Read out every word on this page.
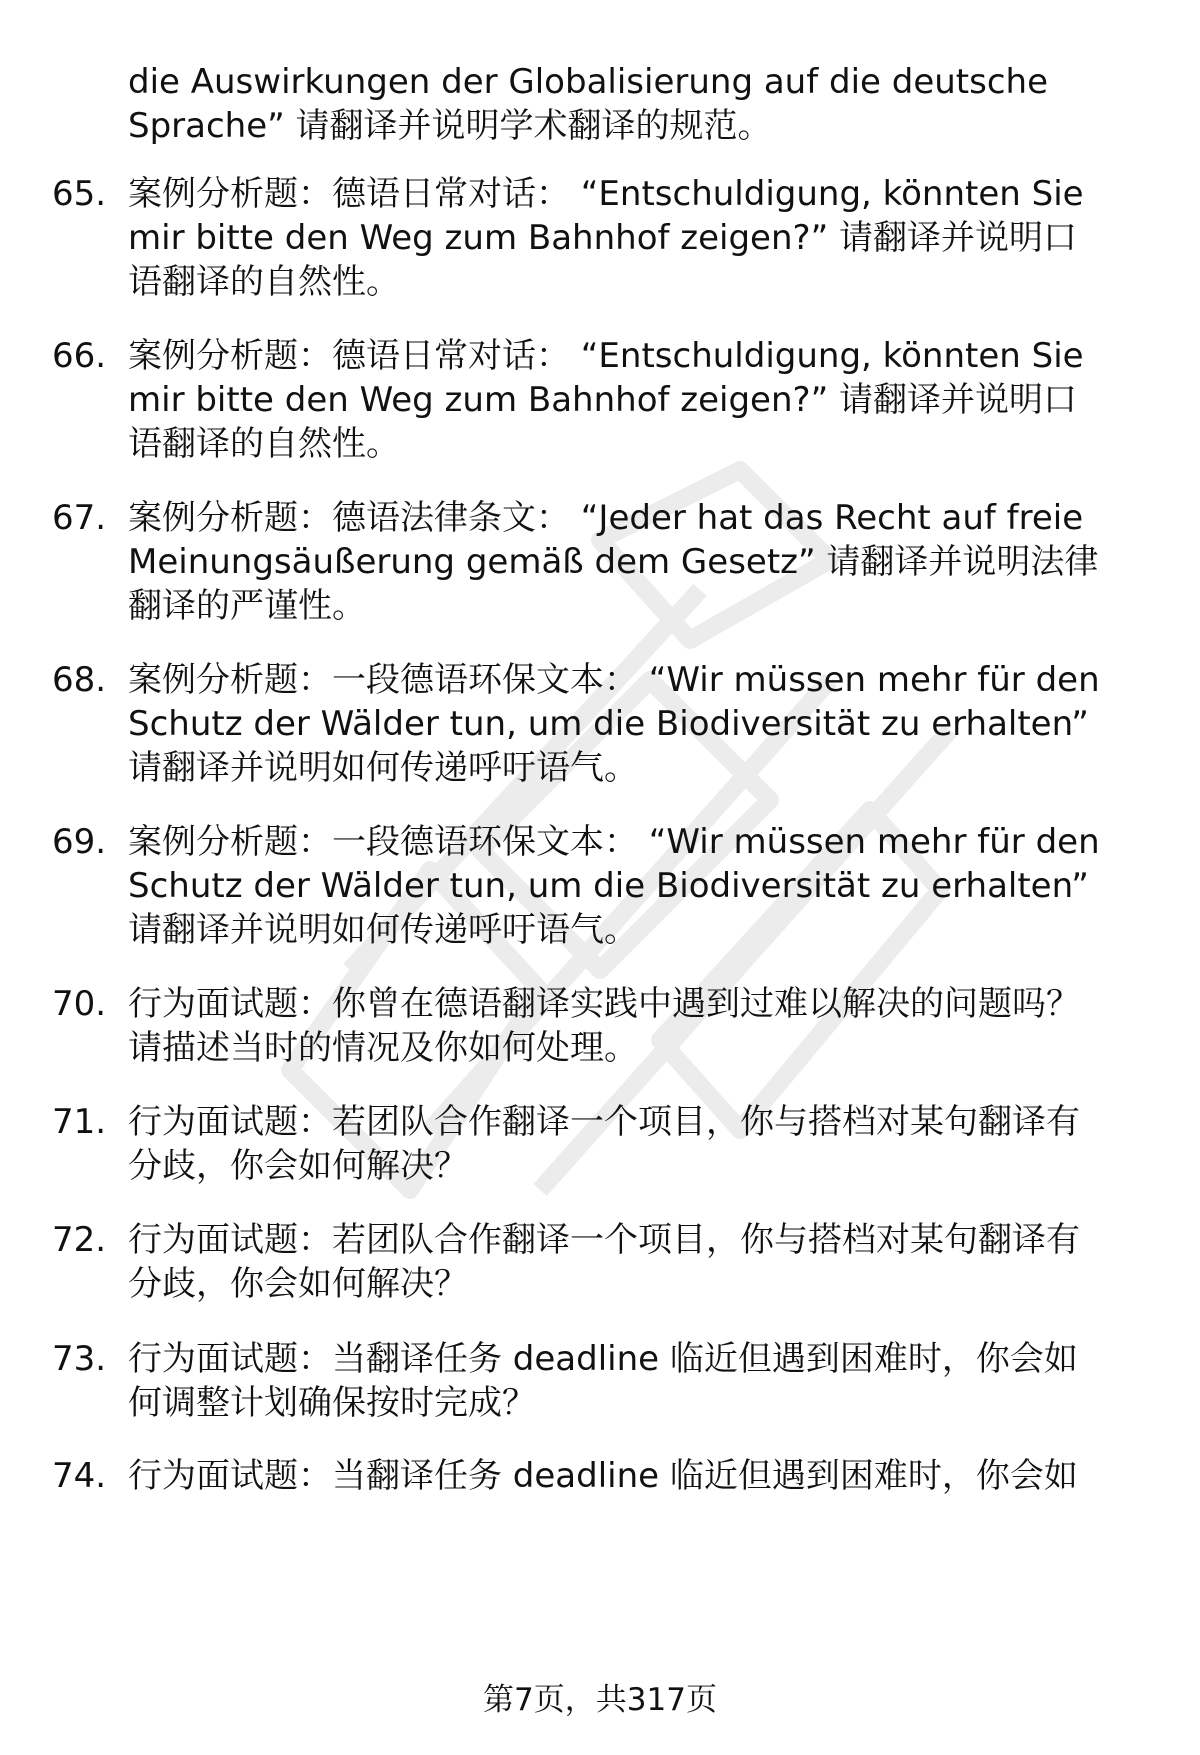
die Auswirkungen der Globalisierung auf die deutsche
Sprache” 请翻译并说明学术翻译的规范。
65. 案例分析题：德语日常对话： “Entschuldigung, könnten Sie
mir bitte den Weg zum Bahnhof zeigen?” 请翻译并说明口
语翻译的自然性。
66. 案例分析题：德语日常对话： “Entschuldigung, könnten Sie
mir bitte den Weg zum Bahnhof zeigen?” 请翻译并说明口
语翻译的自然性。
67. 案例分析题：德语法律条文： “Jeder hat das Recht auf freie
Meinungsäußerung gemäß dem Gesetz” 请翻译并说明法律
翻译的严谨性。
68. 案例分析题：一段德语环保文本： “Wir müssen mehr für den
Schutz der Wälder tun, um die Biodiversität zu erhalten”
请翻译并说明如何传递呼吁语气。
69. 案例分析题：一段德语环保文本： “Wir müssen mehr für den
Schutz der Wälder tun, um die Biodiversität zu erhalten”
请翻译并说明如何传递呼吁语气。
70. 行为面试题：你曾在德语翻译实践中遇到过难以解决的问题吗？
请描述当时的情况及你如何处理。
71. 行为面试题：若团队合作翻译一个项目，你与搭档对某句翻译有
分歧，你会如何解决？
72. 行为面试题：若团队合作翻译一个项目，你与搭档对某句翻译有
分歧，你会如何解决？
73. 行为面试题：当翻译任务 deadline 临近但遇到困难时，你会如
何调整计划确保按时完成？
74. 行为面试题：当翻译任务 deadline 临近但遇到困难时，你会如
第7页，共317页
